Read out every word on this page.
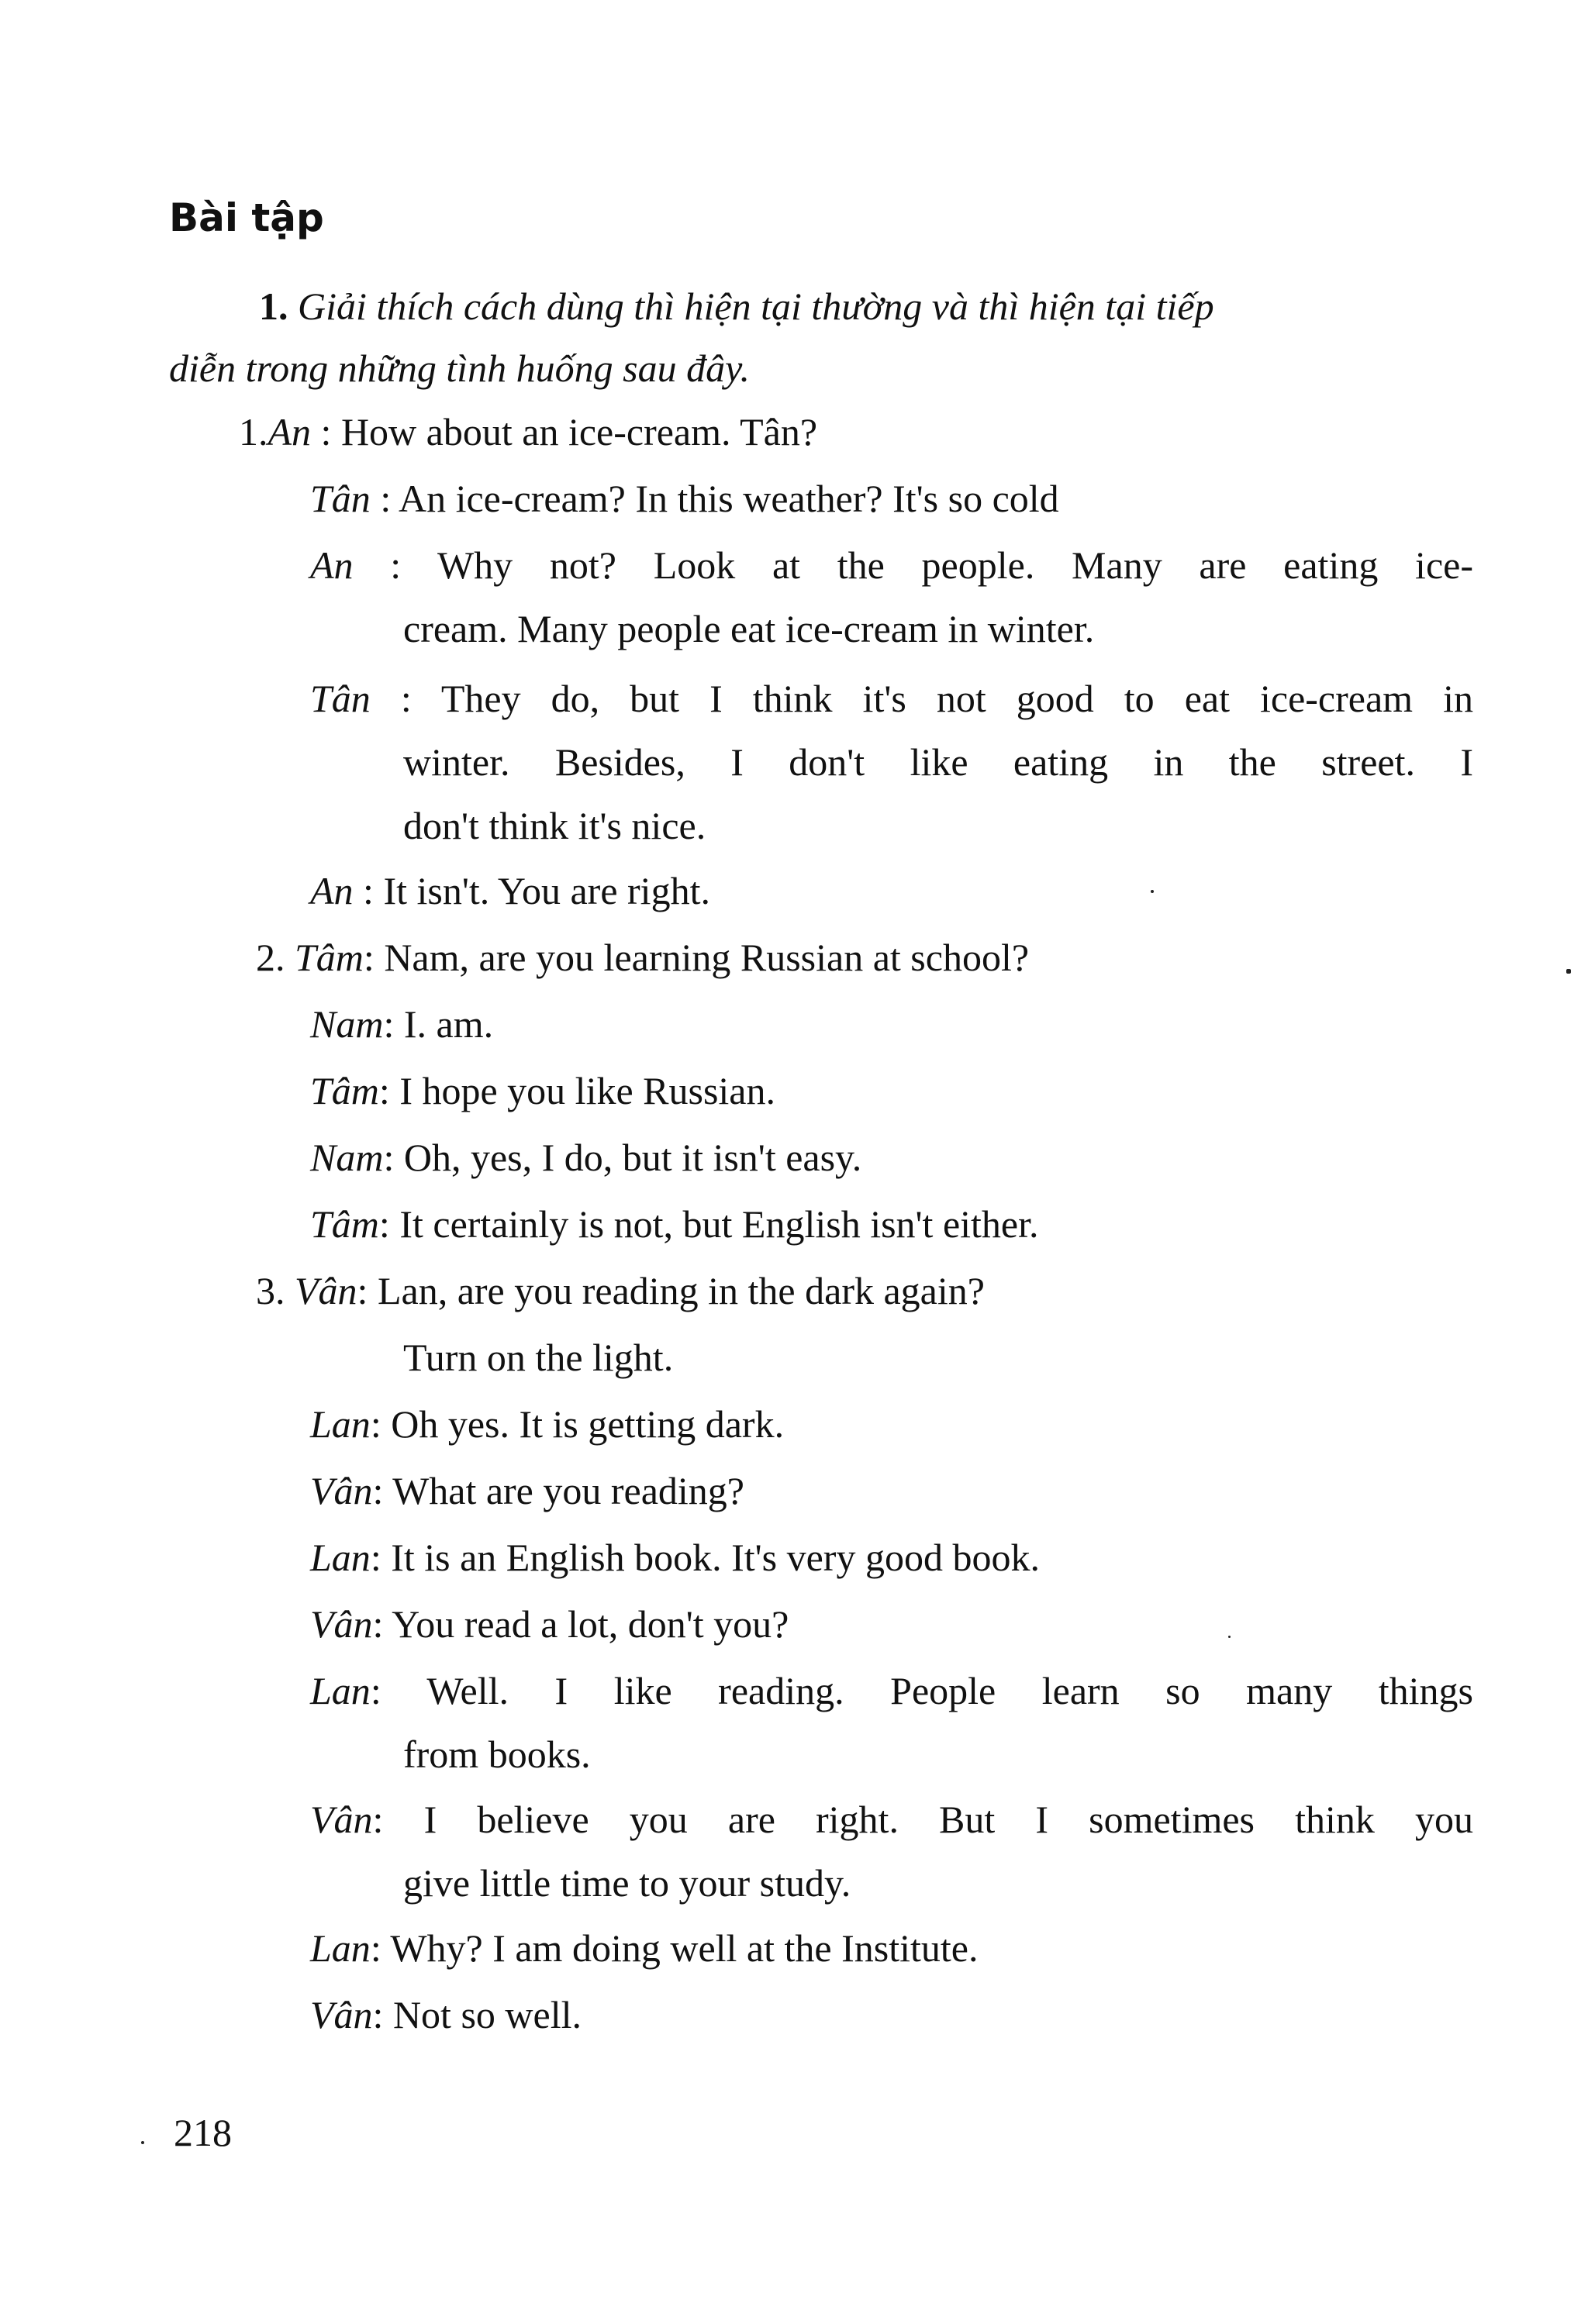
Bài tập
1. Giải thích cách dùng thì hiện tại thường và thì hiện tại tiếp
diễn trong những tình huống sau đây.
1.An : How about an ice-cream. Tân?
Tân : An ice-cream? In this weather? It's so cold
An : Why not? Look at the people. Many are eating ice-
cream. Many people eat ice-cream in winter.
Tân : They do, but I think it's not good to eat ice-cream in
winter. Besides, I don't like eating in the street. I
don't think it's nice.
An : It isn't. You are right.
2. Tâm: Nam, are you learning Russian at school?
Nam: I. am.
Tâm: I hope you like Russian.
Nam: Oh, yes, I do, but it isn't easy.
Tâm: It certainly is not, but English isn't either.
3. Vân: Lan, are you reading in the dark again?
Turn on the light.
Lan: Oh yes. It is getting dark.
Vân: What are you reading?
Lan: It is an English book. It's very good book.
Vân: You read a lot, don't you?
Lan: Well. I like reading. People learn so many things
from books.
Vân: I believe you are right. But I sometimes think you
give little time to your study.
Lan: Why? I am doing well at the Institute.
Vân: Not so well.
218
